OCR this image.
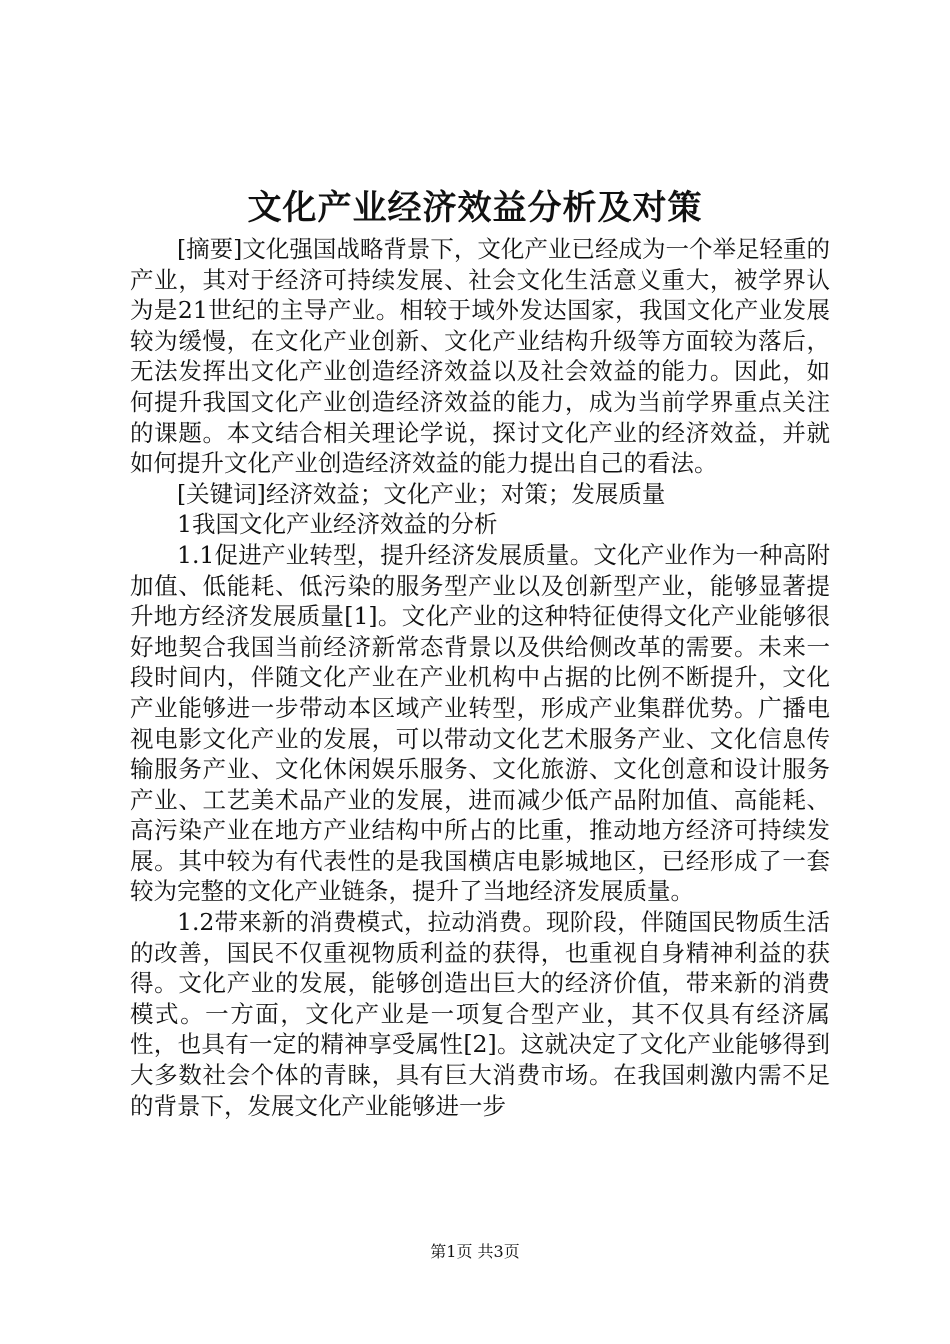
文化产业经济效益分析及对策

[摘要]文化强国战略背景下，文化产业已经成为一个举足轻重的产业，其对于经济可持续发展、社会文化生活意义重大，被学界认为是21世纪的主导产业。相较于域外发达国家，我国文化产业发展较为缓慢，在文化产业创新、文化产业结构升级等方面较为落后，无法发挥出文化产业创造经济效益以及社会效益的能力。因此，如何提升我国文化产业创造经济效益的能力，成为当前学界重点关注的课题。本文结合相关理论学说，探讨文化产业的经济效益，并就如何提升文化产业创造经济效益的能力提出自己的看法。

[关键词]经济效益；文化产业；对策；发展质量

1我国文化产业经济效益的分析

1.1促进产业转型，提升经济发展质量。文化产业作为一种高附加值、低能耗、低污染的服务型产业以及创新型产业，能够显著提升地方经济发展质量[1]。文化产业的这种特征使得文化产业能够很好地契合我国当前经济新常态背景以及供给侧改革的需要。未来一段时间内，伴随文化产业在产业机构中占据的比例不断提升，文化产业能够进一步带动本区域产业转型，形成产业集群优势。广播电视电影文化产业的发展，可以带动文化艺术服务产业、文化信息传输服务产业、文化休闲娱乐服务、文化旅游、文化创意和设计服务产业、工艺美术品产业的发展，进而减少低产品附加值、高能耗、高污染产业在地方产业结构中所占的比重，推动地方经济可持续发展。其中较为有代表性的是我国横店电影城地区，已经形成了一套较为完整的文化产业链条，提升了当地经济发展质量。

1.2带来新的消费模式，拉动消费。现阶段，伴随国民物质生活的改善，国民不仅重视物质利益的获得，也重视自身精神利益的获得。文化产业的发展，能够创造出巨大的经济价值，带来新的消费模式。一方面，文化产业是一项复合型产业，其不仅具有经济属性，也具有一定的精神享受属性[2]。这就决定了文化产业能够得到大多数社会个体的青睐，具有巨大消费市场。在我国刺激内需不足的背景下，发展文化产业能够进一步

第1页 共3页
